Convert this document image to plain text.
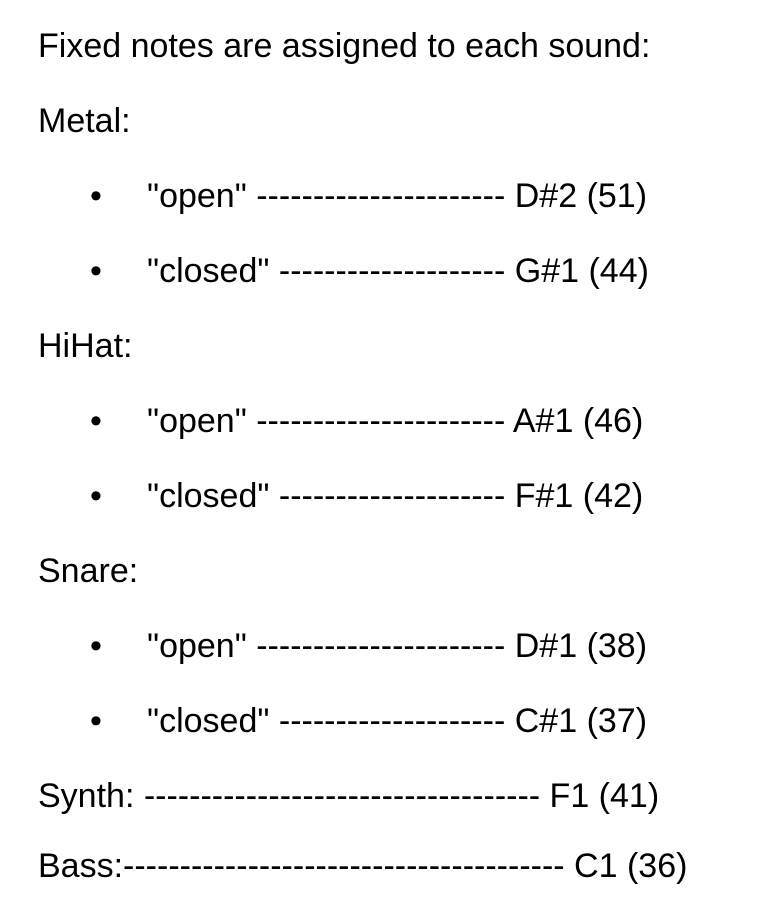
Fixed notes are assigned to each sound:
Metal:
• "open" ---------------------- D#2 (51)
• "closed" -------------------- G#1 (44)
HiHat:
• "open" ---------------------- A#1 (46)
• "closed" -------------------- F#1 (42)
Snare:
• "open" ---------------------- D#1 (38)
• "closed" -------------------- C#1 (37)
Synth: ----------------------------------- F1 (41)
Bass:--------------------------------------- C1 (36)
